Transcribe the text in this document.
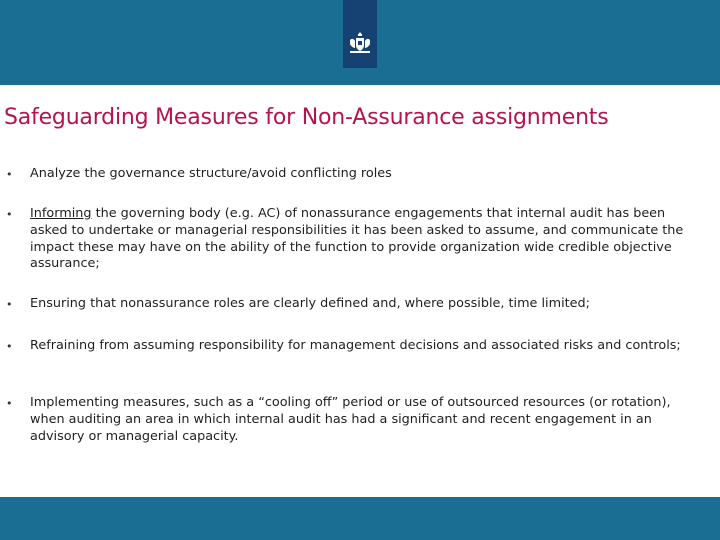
Safeguarding Measures for Non-Assurance assignments
• Analyze the governance structure/avoid conflicting roles
• Informing the governing body (e.g. AC) of nonassurance engagements that internal audit has been asked to undertake or managerial responsibilities it has been asked to assume, and communicate the impact these may have on the ability of the function to provide organization wide credible objective assurance;
• Ensuring that nonassurance roles are clearly defined and, where possible, time limited;
• Refraining from assuming responsibility for management decisions and associated risks and controls;
• Implementing measures, such as a “cooling off” period or use of outsourced resources (or rotation), when auditing an area in which internal audit has had a significant and recent engagement in an advisory or managerial capacity.
